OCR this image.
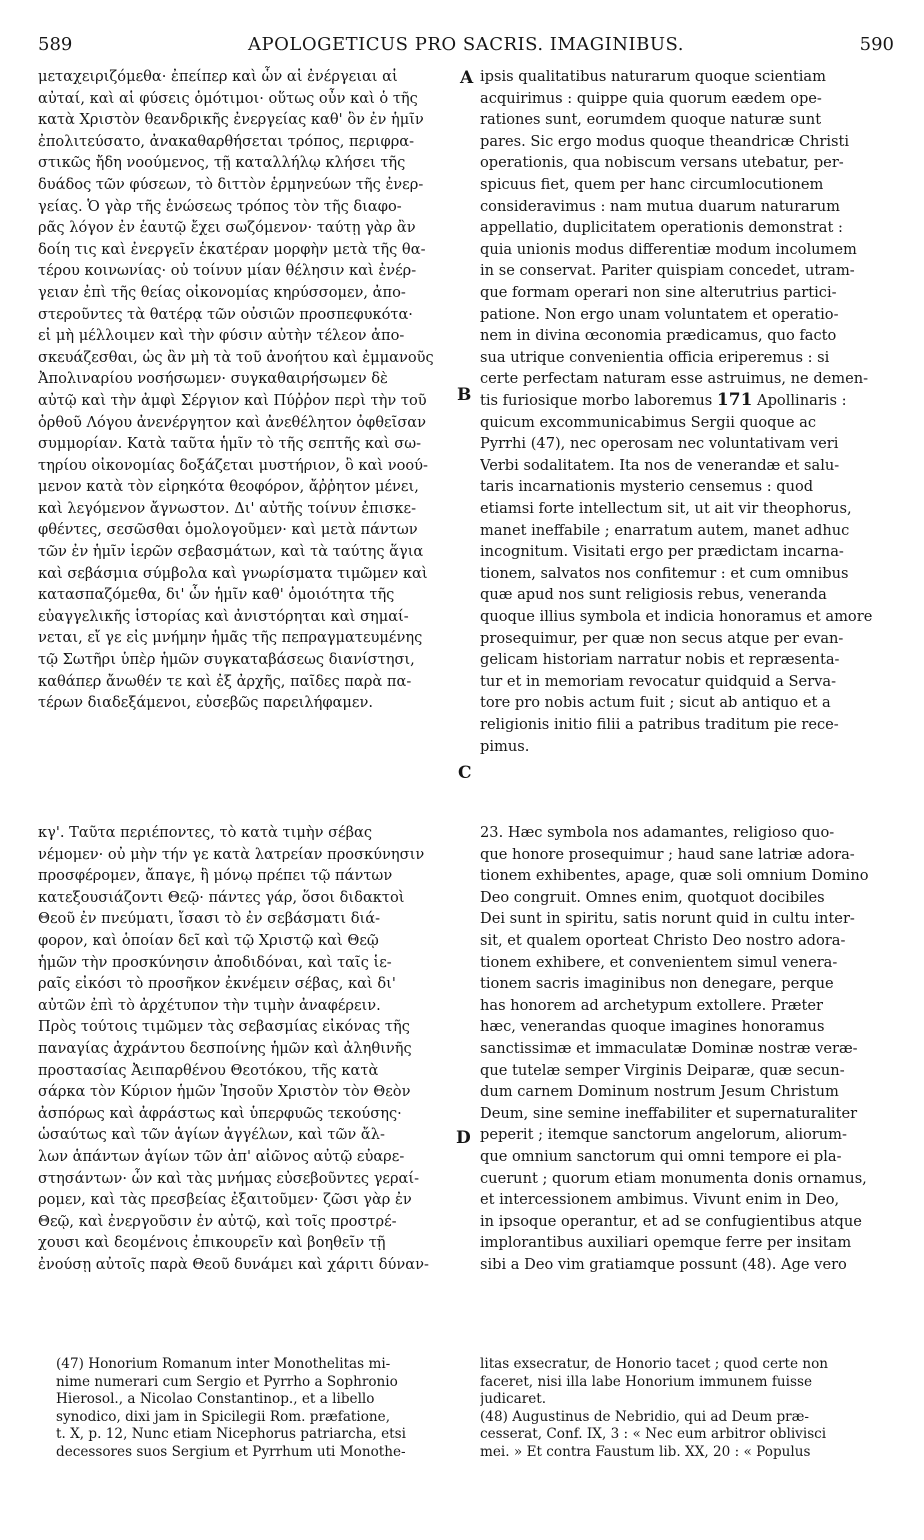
589	APOLOGETICUS PRO SACRIS. IMAGINIBUS.	590
μεταχειριζόμεθα· ἐπείπερ καὶ ὧν αἱ ἐνέργειαι αἱ
αὐταί, καὶ αἱ φύσεις ὁμότιμοι· οὕτως οὖν καὶ ὁ τῆς
κατὰ Χριστὸν θεανδρικῆς ἐνεργείας καθ' ὃν ἐν ἡμῖν
ἐπολιτεύσατο, ἀνακαθαρθήσεται τρόπος, περιφρα-
στικῶς ἤδη νοούμενος, τῇ καταλλήλῳ κλήσει τῆς
δυάδος τῶν φύσεων, τὸ διττὸν ἑρμηνεύων τῆς ἐνερ-
γείας. Ὁ γὰρ τῆς ἑνώσεως τρόπος τὸν τῆς διαφο-
ρᾶς λόγον ἐν ἑαυτῷ ἔχει σωζόμενον· ταύτῃ γὰρ ἂν
δοίη τις καὶ ἐνεργεῖν ἑκατέραν μορφὴν μετὰ τῆς θα-
τέρου κοινωνίας· οὐ τοίνυν μίαν θέλησιν καὶ ἐνέρ-
γειαν ἐπὶ τῆς θείας οἰκονομίας κηρύσσομεν, ἀπο-
στεροῦντες τὰ θατέρᾳ τῶν οὐσιῶν προσπεφυκότα·
εἰ μὴ μέλλοιμεν καὶ τὴν φύσιν αὐτὴν τέλεον ἀπο-
σκευάζεσθαι, ὡς ἂν μὴ τὰ τοῦ ἀνοήτου καὶ ἐμμανοῦς
Ἀπολιναρίου νοσήσωμεν· συγκαθαιρήσωμεν δὲ
αὐτῷ καὶ τὴν ἀμφὶ Σέργιον καὶ Πύῤῥον περὶ τὴν τοῦ
ὀρθοῦ Λόγου ἀνενέργητον καὶ ἀνεθέλητον ὀφθεῖσαν
συμμορίαν. Κατὰ ταῦτα ἡμῖν τὸ τῆς σεπτῆς καὶ σω-
τηρίου οἰκονομίας δοξάζεται μυστήριον, ὃ καὶ νοού-
μενον κατὰ τὸν εἰρηκότα θεοφόρον, ἄῤῥητον μένει,
καὶ λεγόμενον ἄγνωστον. Δι' αὐτῆς τοίνυν ἐπισκε-
φθέντες, σεσῶσθαι ὁμολογοῦμεν· καὶ μετὰ πάντων
τῶν ἐν ἡμῖν ἱερῶν σεβασμάτων, καὶ τὰ ταύτης ἅγια
καὶ σεβάσμια σύμβολα καὶ γνωρίσματα τιμῶμεν καὶ
κατασπαζόμεθα, δι' ὧν ἡμῖν καθ' ὁμοιότητα τῆς
εὐαγγελικῆς ἱστορίας καὶ ἀνιστόρηται καὶ σημαί-
νεται, εἴ γε εἰς μνήμην ἡμᾶς τῆς πεπραγματευμένης
τῷ Σωτῆρι ὑπὲρ ἡμῶν συγκαταβάσεως διανίστησι,
καθάπερ ἄνωθέν τε καὶ ἐξ ἀρχῆς, παῖδες παρὰ πα-
τέρων διαδεξάμενοι, εὐσεβῶς παρειλήφαμεν.
κγ'. Ταῦτα περιέποντες, τὸ κατὰ τιμὴν σέβας
νέμομεν· οὐ μὴν τήν γε κατὰ λατρείαν προσκύνησιν
προσφέρομεν, ἄπαγε, ἣ μόνῳ πρέπει τῷ πάντων
κατεξουσιάζοντι Θεῷ· πάντες γάρ, ὅσοι διδακτοὶ
Θεοῦ ἐν πνεύματι, ἴσασι τὸ ἐν σεβάσματι διά-
φορον, καὶ ὁποίαν δεῖ καὶ τῷ Χριστῷ καὶ Θεῷ
ἡμῶν τὴν προσκύνησιν ἀποδιδόναι, καὶ ταῖς ἱε-
ραῖς εἰκόσι τὸ προσῆκον ἐκνέμειν σέβας, καὶ δι'
αὐτῶν ἐπὶ τὸ ἀρχέτυπον τὴν τιμὴν ἀναφέρειν.
Πρὸς τούτοις τιμῶμεν τὰς σεβασμίας εἰκόνας τῆς
παναγίας ἀχράντου δεσποίνης ἡμῶν καὶ ἀληθινῆς
προστασίας Ἀειπαρθένου Θεοτόκου, τῆς κατὰ
σάρκα τὸν Κύριον ἡμῶν Ἰησοῦν Χριστὸν τὸν Θεὸν
ἀσπόρως καὶ ἀφράστως καὶ ὑπερφυῶς τεκούσης·
ὡσαύτως καὶ τῶν ἁγίων ἀγγέλων, καὶ τῶν ἄλ-
λων ἁπάντων ἁγίων τῶν ἀπ' αἰῶνος αὐτῷ εὐαρε-
στησάντων· ὧν καὶ τὰς μνήμας εὐσεβοῦντες γεραί-
ρομεν, καὶ τὰς πρεσβείας ἐξαιτοῦμεν· ζῶσι γὰρ ἐν
Θεῷ, καὶ ἐνεργοῦσιν ἐν αὐτῷ, καὶ τοῖς προστρέ-
χουσι καὶ δεομένοις ἐπικουρεῖν καὶ βοηθεῖν τῇ
ἐνούσῃ αὐτοῖς παρὰ Θεοῦ δυνάμει καὶ χάριτι δύναν-
ipsis qualitatibus naturarum quoque scientiam
acquirimus : quippe quia quorum eædem ope-
rationes sunt, eorumdem quoque naturæ sunt
pares. Sic ergo modus quoque theandricæ Christi
operationis, qua nobiscum versans utebatur, per-
spicuus fiet, quem per hanc circumlocutionem
consideravimus : nam mutua duarum naturarum
appellatio, duplicitatem operationis demonstrat :
quia unionis modus differentiæ modum incolumem
in se conservat. Pariter quispiam concedet, utram-
que formam operari non sine alterutrius partici-
patione. Non ergo unam voluntatem et operatio-
nem in divina œconomia prædicamus, quo facto
sua utrique convenientia officia eriperemus : si
certe perfectam naturam esse astruimus, ne demen-
tis furiosique morbo laboremus 171 Apollinaris :
quicum excommunicabimus Sergii quoque ac
Pyrrhi (47), nec operosam nec voluntativam veri
Verbi sodalitatem. Ita nos de venerandæ et salu-
taris incarnationis mysterio censemus : quod
etiamsi forte intellectum sit, ut ait vir theophorus,
manet ineffabile ; enarratum autem, manet adhuc
incognitum. Visitati ergo per prædictam incarna-
tionem, salvatos nos confitemur : et cum omnibus
quæ apud nos sunt religiosis rebus, veneranda
quoque illius symbola et indicia honoramus et amore
prosequimur, per quæ non secus atque per evan-
gelicam historiam narratur nobis et repræsenta-
tur et in memoriam revocatur quidquid a Serva-
tore pro nobis actum fuit ; sicut ab antiquo et a
religionis initio filii a patribus traditum pie rece-
pimus.
23. Hæc symbola nos adamantes, religioso quo-
que honore prosequimur ; haud sane latriæ adora-
tionem exhibentes, apage, quæ soli omnium Domino
Deo congruit. Omnes enim, quotquot docibiles
Dei sunt in spiritu, satis norunt quid in cultu inter-
sit, et qualem oporteat Christo Deo nostro adora-
tionem exhibere, et convenientem simul venera-
tionem sacris imaginibus non denegare, perque
has honorem ad archetypum extollere. Præter
hæc, venerandas quoque imagines honoramus
sanctissimæ et immaculatæ Dominæ nostræ veræ-
que tutelæ semper Virginis Deiparæ, quæ secun-
dum carnem Dominum nostrum Jesum Christum
Deum, sine semine ineffabiliter et supernaturaliter
peperit ; itemque sanctorum angelorum, aliorum-
que omnium sanctorum qui omni tempore ei pla-
cuerunt ; quorum etiam monumenta donis ornamus,
et intercessionem ambimus. Vivunt enim in Deo,
in ipsoque operantur, et ad se confugientibus atque
implorantibus auxiliari opemque ferre per insitam
sibi a Deo vim gratiamque possunt (48). Age vero
A
B
C
D
(47) Honorium Romanum inter Monothelitas mi-
nime numerari cum Sergio et Pyrrho a Sophronio
Hierosol., a Nicolao Constantinop., et a libello
synodico, dixi jam in Spicilegii Rom. præfatione,
t. X, p. 12, Nunc etiam Nicephorus patriarcha, etsi
decessores suos Sergium et Pyrrhum uti Monothe-
litas exsecratur, de Honorio tacet ; quod certe non
faceret, nisi illa labe Honorium immunem fuisse
judicaret.
(48) Augustinus de Nebridio, qui ad Deum præ-
cesserat, Conf. IX, 3 : « Nec eum arbitror oblivisci
mei. » Et contra Faustum lib. XX, 20 : « Populus
